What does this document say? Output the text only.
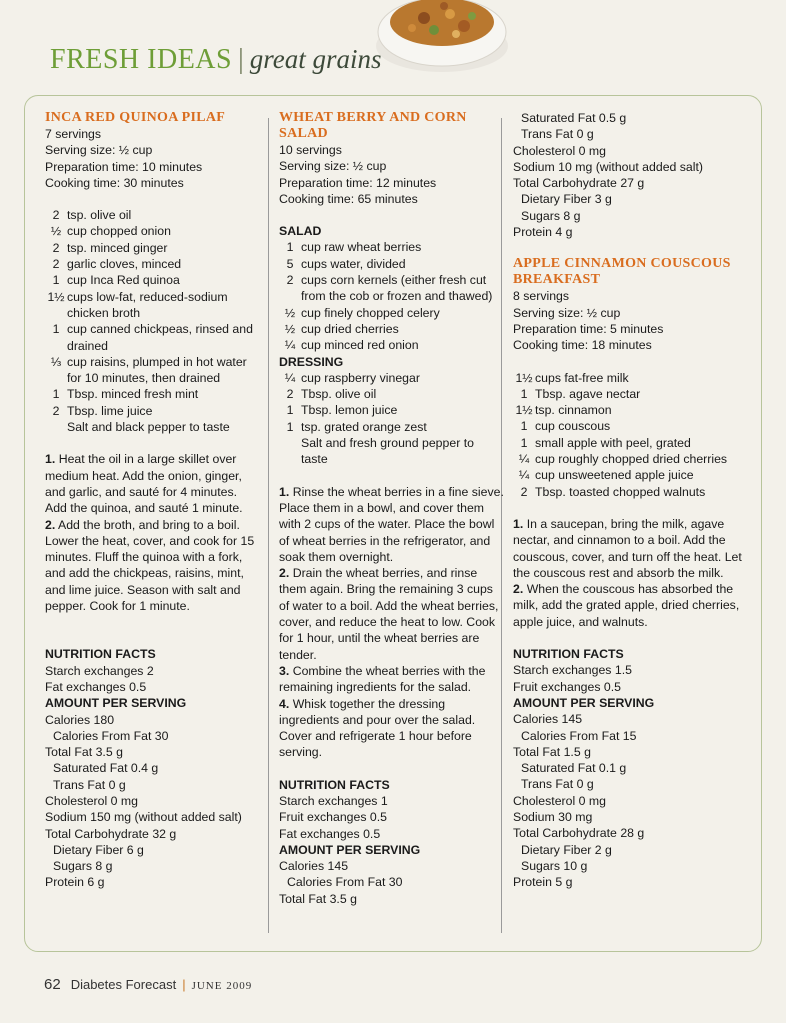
FRESH IDEAS | great grains
INCA RED QUINOA PILAF
7 servings
Serving size: ½ cup
Preparation time: 10 minutes
Cooking time: 30 minutes
2 tsp. olive oil
½ cup chopped onion
2 tsp. minced ginger
2 garlic cloves, minced
1 cup Inca Red quinoa
1½ cups low-fat, reduced-sodium chicken broth
1 cup canned chickpeas, rinsed and drained
⅓ cup raisins, plumped in hot water for 10 minutes, then drained
1 Tbsp. minced fresh mint
2 Tbsp. lime juice
Salt and black pepper to taste

1. Heat the oil in a large skillet over medium heat. Add the onion, ginger, and garlic, and sauté for 4 minutes. Add the quinoa, and sauté 1 minute.

2. Add the broth, and bring to a boil. Lower the heat, cover, and cook for 15 minutes. Fluff the quinoa with a fork, and add the chickpeas, raisins, mint, and lime juice. Season with salt and pepper. Cook for 1 minute.

NUTRITION FACTS
Starch exchanges 2
Fat exchanges 0.5
AMOUNT PER SERVING
Calories 180
Calories From Fat 30
Total Fat 3.5 g
Saturated Fat 0.4 g
Trans Fat 0 g
Cholesterol 0 mg
Sodium 150 mg (without added salt)
Total Carbohydrate 32 g
Dietary Fiber 6 g
Sugars 8 g
Protein 6 g
WHEAT BERRY AND CORN SALAD
10 servings
Serving size: ½ cup
Preparation time: 12 minutes
Cooking time: 65 minutes
SALAD
1 cup raw wheat berries
5 cups water, divided
2 cups corn kernels (either fresh cut from the cob or frozen and thawed)
½ cup finely chopped celery
½ cup dried cherries
¼ cup minced red onion
DRESSING
¼ cup raspberry vinegar
2 Tbsp. olive oil
1 Tbsp. lemon juice
1 tsp. grated orange zest
Salt and fresh ground pepper to taste

1. Rinse the wheat berries in a fine sieve. Place them in a bowl, and cover them with 2 cups of the water. Place the bowl of wheat berries in the refrigerator, and soak them overnight.

2. Drain the wheat berries, and rinse them again. Bring the remaining 3 cups of water to a boil. Add the wheat berries, cover, and reduce the heat to low. Cook for 1 hour, until the wheat berries are tender.

3. Combine the wheat berries with the remaining ingredients for the salad.

4. Whisk together the dressing ingredients and pour over the salad. Cover and refrigerate 1 hour before serving.

NUTRITION FACTS
Starch exchanges 1
Fruit exchanges 0.5
Fat exchanges 0.5
AMOUNT PER SERVING
Calories 145
Calories From Fat 30
Total Fat 3.5 g
Saturated Fat 0.5 g
Trans Fat 0 g
Cholesterol 0 mg
Sodium 10 mg (without added salt)
Total Carbohydrate 27 g
Dietary Fiber 3 g
Sugars 8 g
Protein 4 g
APPLE CINNAMON COUSCOUS BREAKFAST
8 servings
Serving size: ½ cup
Preparation time: 5 minutes
Cooking time: 18 minutes
1½ cups fat-free milk
1 Tbsp. agave nectar
1½ tsp. cinnamon
1 cup couscous
1 small apple with peel, grated
¼ cup roughly chopped dried cherries
¼ cup unsweetened apple juice
2 Tbsp. toasted chopped walnuts

1. In a saucepan, bring the milk, agave nectar, and cinnamon to a boil. Add the couscous, cover, and turn off the heat. Let the couscous rest and absorb the milk.

2. When the couscous has absorbed the milk, add the grated apple, dried cherries, apple juice, and walnuts.

NUTRITION FACTS
Starch exchanges 1.5
Fruit exchanges 0.5
AMOUNT PER SERVING
Calories 145
Calories From Fat 15
Total Fat 1.5 g
Saturated Fat 0.1 g
Trans Fat 0 g
Cholesterol 0 mg
Sodium 30 mg
Total Carbohydrate 28 g
Dietary Fiber 2 g
Sugars 10 g
Protein 5 g
62 Diabetes Forecast | JUNE 2009
